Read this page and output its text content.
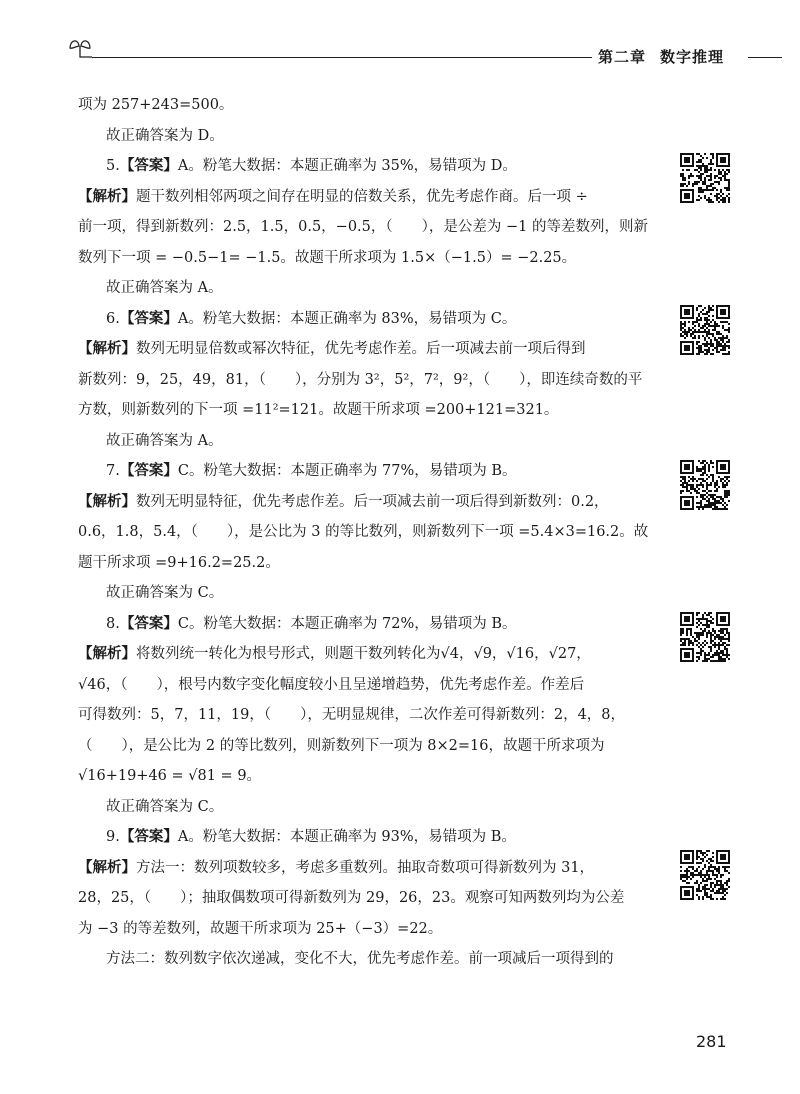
第二章 数字推理
项为 257+243=500。
故正确答案为 D。
5.【答案】A。粉笔大数据：本题正确率为 35%，易错项为 D。
【解析】题干数列相邻两项之间存在明显的倍数关系，优先考虑作商。后一项 ÷
前一项，得到新数列：2.5，1.5，0.5，−0.5，（　　），是公差为 −1 的等差数列，则新
数列下一项 = −0.5−1= −1.5。故题干所求项为 1.5×（−1.5）= −2.25。
故正确答案为 A。
6.【答案】A。粉笔大数据：本题正确率为 83%，易错项为 C。
【解析】数列无明显倍数或幂次特征，优先考虑作差。后一项减去前一项后得到
新数列：9，25，49，81，（　　），分别为 3²，5²，7²，9²，（　　），即连续奇数的平
方数，则新数列的下一项 =11²=121。故题干所求项 =200+121=321。
故正确答案为 A。
7.【答案】C。粉笔大数据：本题正确率为 77%，易错项为 B。
【解析】数列无明显特征，优先考虑作差。后一项减去前一项后得到新数列：0.2，
0.6，1.8，5.4，（　　），是公比为 3 的等比数列，则新数列下一项 =5.4×3=16.2。故
题干所求项 =9+16.2=25.2。
故正确答案为 C。
8.【答案】C。粉笔大数据：本题正确率为 72%，易错项为 B。
【解析】将数列统一转化为根号形式，则题干数列转化为√4，√9，√16，√27，
√46，（　　），根号内数字变化幅度较小且呈递增趋势，优先考虑作差。作差后
可得数列：5，7，11，19，（　　），无明显规律，二次作差可得新数列：2，4，8，
（　　），是公比为 2 的等比数列，则新数列下一项为 8×2=16，故题干所求项为
√16+19+46 = √81 = 9。
故正确答案为 C。
9.【答案】A。粉笔大数据：本题正确率为 93%，易错项为 B。
【解析】方法一：数列项数较多，考虑多重数列。抽取奇数项可得新数列为 31，
28，25，（　　）；抽取偶数项可得新数列为 29，26，23。观察可知两数列均为公差
为 −3 的等差数列，故题干所求项为 25+（−3）=22。
方法二：数列数字依次递减，变化不大，优先考虑作差。前一项减后一项得到的
281
